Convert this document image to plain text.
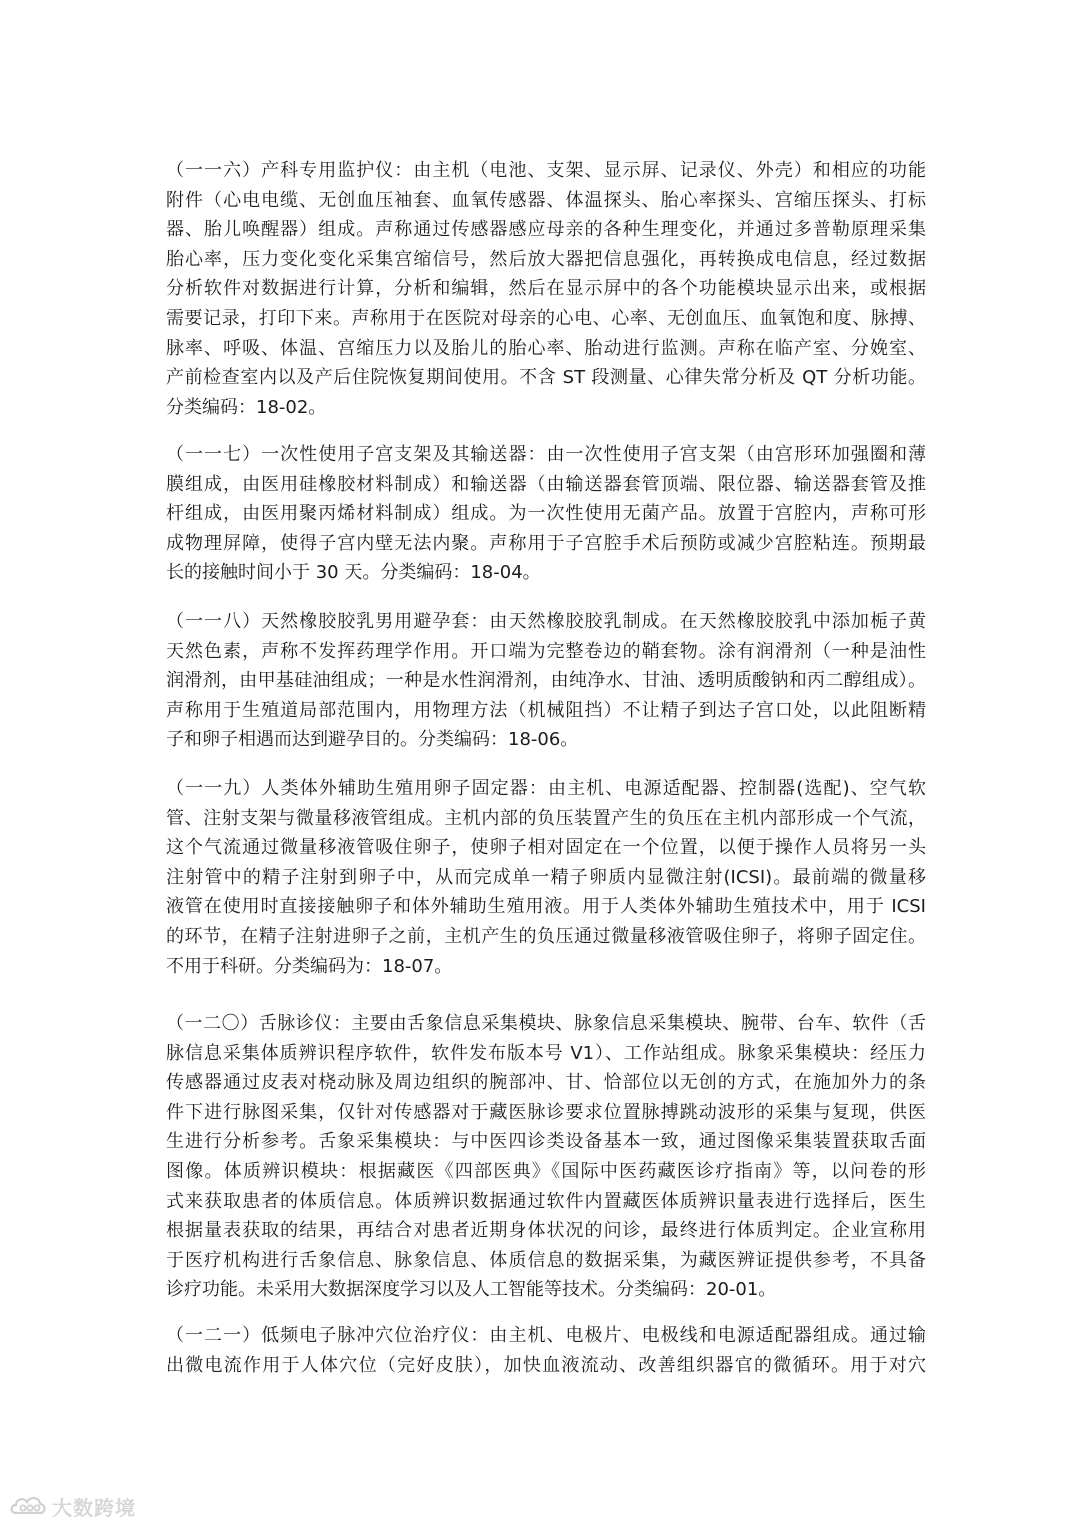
（一一六）产科专用监护仪：由主机（电池、支架、显示屏、记录仪、外壳）和相应的功能
附件（心电电缆、无创血压袖套、血氧传感器、体温探头、胎心率探头、宫缩压探头、打标
器、胎儿唤醒器）组成。声称通过传感器感应母亲的各种生理变化，并通过多普勒原理采集
胎心率，压力变化变化采集宫缩信号，然后放大器把信息强化，再转换成电信息，经过数据
分析软件对数据进行计算，分析和编辑，然后在显示屏中的各个功能模块显示出来，或根据
需要记录，打印下来。声称用于在医院对母亲的心电、心率、无创血压、血氧饱和度、脉搏、
脉率、呼吸、体温、宫缩压力以及胎儿的胎心率、胎动进行监测。声称在临产室、分娩室、
产前检查室内以及产后住院恢复期间使用。不含 ST 段测量、心律失常分析及 QT 分析功能。
分类编码：18-02。
（一一七）一次性使用子宫支架及其输送器：由一次性使用子宫支架（由宫形环加强圈和薄
膜组成，由医用硅橡胶材料制成）和输送器（由输送器套管顶端、限位器、输送器套管及推
杆组成，由医用聚丙烯材料制成）组成。为一次性使用无菌产品。放置于宫腔内，声称可形
成物理屏障，使得子宫内壁无法内聚。声称用于子宫腔手术后预防或减少宫腔粘连。预期最
长的接触时间小于 30 天。分类编码：18-04。
（一一八）天然橡胶胶乳男用避孕套：由天然橡胶胶乳制成。在天然橡胶胶乳中添加栀子黄
天然色素，声称不发挥药理学作用。开口端为完整卷边的鞘套物。涂有润滑剂（一种是油性
润滑剂，由甲基硅油组成；一种是水性润滑剂，由纯净水、甘油、透明质酸钠和丙二醇组成）。
声称用于生殖道局部范围内，用物理方法（机械阻挡）不让精子到达子宫口处，以此阻断精
子和卵子相遇而达到避孕目的。分类编码：18-06。
（一一九）人类体外辅助生殖用卵子固定器：由主机、电源适配器、控制器(选配)、空气软
管、注射支架与微量移液管组成。主机内部的负压装置产生的负压在主机内部形成一个气流，
这个气流通过微量移液管吸住卵子，使卵子相对固定在一个位置，以便于操作人员将另一头
注射管中的精子注射到卵子中，从而完成单一精子卵质内显微注射(ICSI)。最前端的微量移
液管在使用时直接接触卵子和体外辅助生殖用液。用于人类体外辅助生殖技术中，用于 ICSI
的环节，在精子注射进卵子之前，主机产生的负压通过微量移液管吸住卵子，将卵子固定住。
不用于科研。分类编码为：18-07。
（一二〇）舌脉诊仪：主要由舌象信息采集模块、脉象信息采集模块、腕带、台车、软件（舌
脉信息采集体质辨识程序软件，软件发布版本号 V1）、工作站组成。脉象采集模块：经压力
传感器通过皮表对桡动脉及周边组织的腕部冲、甘、恰部位以无创的方式，在施加外力的条
件下进行脉图采集，仅针对传感器对于藏医脉诊要求位置脉搏跳动波形的采集与复现，供医
生进行分析参考。舌象采集模块：与中医四诊类设备基本一致，通过图像采集装置获取舌面
图像。体质辨识模块：根据藏医《四部医典》《国际中医药藏医诊疗指南》等，以问卷的形
式来获取患者的体质信息。体质辨识数据通过软件内置藏医体质辨识量表进行选择后，医生
根据量表获取的结果，再结合对患者近期身体状况的问诊，最终进行体质判定。企业宣称用
于医疗机构进行舌象信息、脉象信息、体质信息的数据采集，为藏医辨证提供参考，不具备
诊疗功能。未采用大数据深度学习以及人工智能等技术。分类编码：20-01。
（一二一）低频电子脉冲穴位治疗仪：由主机、电极片、电极线和电源适配器组成。通过输
出微电流作用于人体穴位（完好皮肤），加快血液流动、改善组织器官的微循环。用于对穴
大数跨境
